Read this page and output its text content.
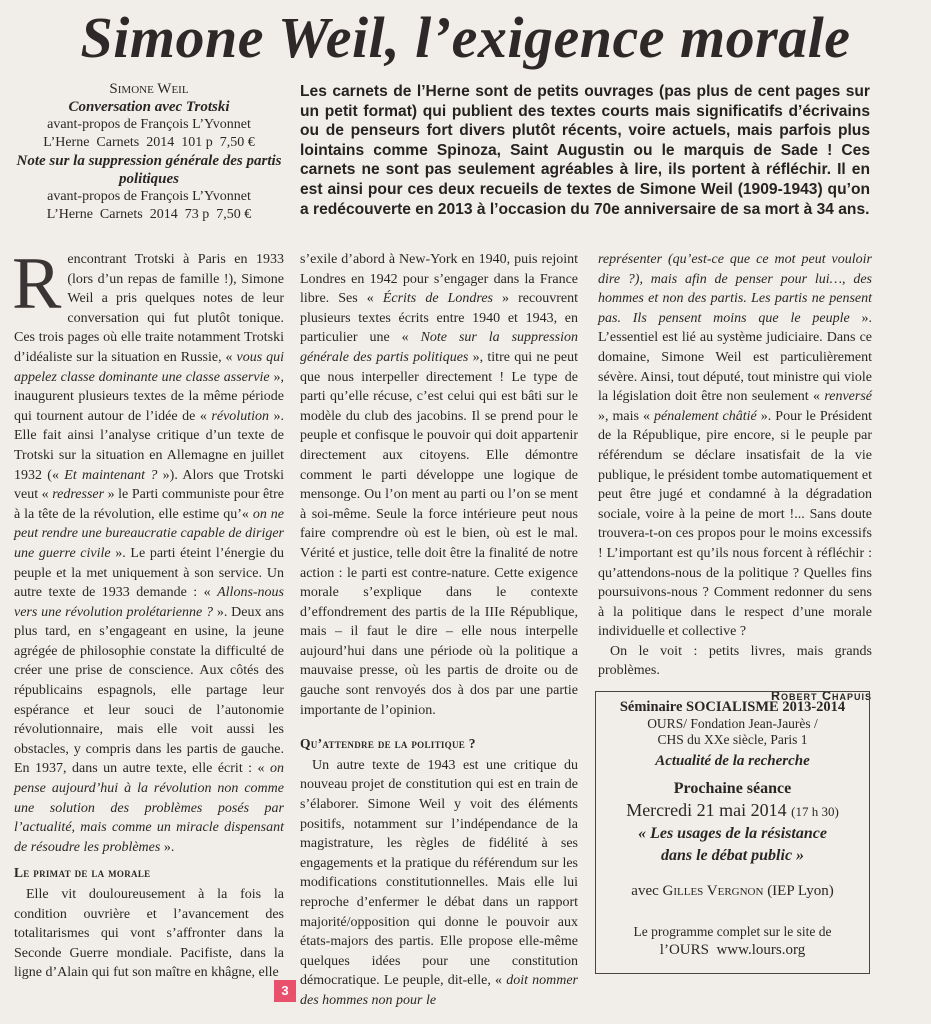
Simone Weil, l’exigence morale
Simone Weil
Conversation avec Trotski
avant-propos de François L’Yvonnet
L’Herne  Carnets  2014  101 p  7,50 €
Note sur la suppression générale des partis politiques
avant-propos de François L’Yvonnet
L’Herne  Carnets  2014  73 p  7,50 €
Les carnets de l’Herne sont de petits ouvrages (pas plus de cent pages sur un petit format) qui publient des textes courts mais significatifs d’écrivains ou de penseurs fort divers plutôt récents, voire actuels, mais parfois plus lointains comme Spinoza, Saint Augustin ou le marquis de Sade ! Ces carnets ne sont pas seulement agréables à lire, ils portent à réfléchir. Il en est ainsi pour ces deux recueils de textes de Simone Weil (1909-1943) qu’on a redécouverte en 2013 à l’occasion du 70e anniversaire de sa mort à 34 ans.

Rencontrant Trotski à Paris en 1933 (lors d’un repas de famille !), Simone Weil a pris quelques notes de leur conversation qui fut plutôt tonique. Ces trois pages où elle traite notamment Trotski d’idéaliste sur la situation en Russie, « vous qui appelez classe dominante une classe asservie », inaugurent plusieurs textes de la même période qui tournent autour de l’idée de « révolution ». Elle fait ainsi l’analyse critique d’un texte de Trotski sur la situation en Allemagne en juillet 1932 (« Et maintenant ? »). Alors que Trotski veut « redresser » le Parti communiste pour être à la tête de la révolution, elle estime qu’« on ne peut rendre une bureaucratie capable de diriger une guerre civile ». Le parti éteint l’énergie du peuple et la met uniquement à son service. Un autre texte de 1933 demande : « Allons-nous vers une révolution prolétarienne ? ». Deux ans plus tard, en s’engageant en usine, la jeune agrégée de philosophie constate la difficulté de créer une prise de conscience. Aux côtés des républicains espagnols, elle partage leur espérance et leur souci de l’autonomie révolutionnaire, mais elle voit aussi les obstacles, y compris dans les partis de gauche. En 1937, dans un autre texte, elle écrit : « on pense aujourd’hui à la révolution non comme une solution des problèmes posés par l’actualité, mais comme un miracle dispensant de résoudre les problèmes ».

Le primat de la morale

Elle vit douloureusement à la fois la condition ouvrière et l’avancement des totalitarismes qui vont s’affronter dans la Seconde Guerre mondiale. Pacifiste, dans la ligne d’Alain qui fut son maître en khâgne, elle

s’exile d’abord à New-York en 1940, puis rejoint Londres en 1942 pour s’engager dans la France libre. Ses « Écrits de Londres » recouvrent plusieurs textes écrits entre 1940 et 1943, en particulier une « Note sur la suppression générale des partis politiques », titre qui ne peut que nous interpeller directement ! Le type de parti qu’elle récuse, c’est celui qui est bâti sur le modèle du club des jacobins. Il se prend pour le peuple et confisque le pouvoir qui doit appartenir directement aux citoyens. Elle démontre comment le parti développe une logique de mensonge. Ou l’on ment au parti ou l’on se ment à soi-même. Seule la force intérieure peut nous faire comprendre où est le bien, où est le mal. Vérité et justice, telle doit être la finalité de notre action : le parti est contre-nature. Cette exigence morale s’explique dans le contexte d’effondrement des partis de la IIIe République, mais – il faut le dire – elle nous interpelle aujourd’hui dans une période où la politique a mauvaise presse, où les partis de droite ou de gauche sont renvoyés dos à dos par une partie importante de l’opinion.

Qu’attendre de la politique ?

Un autre texte de 1943 est une critique du nouveau projet de constitution qui est en train de s’élaborer. Simone Weil y voit des éléments positifs, notamment sur l’indépendance de la magistrature, les règles de fidélité à ses engagements et la pratique du référendum sur les modifications constitutionnelles. Mais elle lui reproche d’enfermer le débat dans un rapport majorité/opposition qui donne le pouvoir aux états-majors des partis. Elle propose elle-même quelques idées pour une constitution démocratique. Le peuple, dit-elle, « doit nommer des hommes non pour le

représenter (qu’est-ce que ce mot peut vouloir dire ?), mais afin de penser pour lui…, des hommes et non des partis. Les partis ne pensent pas. Ils pensent moins que le peuple ». L’essentiel est lié au système judiciaire. Dans ce domaine, Simone Weil est particulièrement sévère. Ainsi, tout député, tout ministre qui viole la législation doit être non seulement « renversé », mais « pénalement châtié ». Pour le Président de la République, pire encore, si le peuple par référendum se déclare insatisfait de la vie publique, le président tombe automatiquement et peut être jugé et condamné à la dégradation sociale, voire à la peine de mort !... Sans doute trouvera-t-on ces propos pour le moins excessifs ! L’important est qu’ils nous forcent à réfléchir : qu’attendons-nous de la politique ? Quelles fins poursuivons-nous ? Comment redonner du sens à la politique dans le respect d’une morale individuelle et collective ?

On le voit : petits livres, mais grands problèmes.

Robert Chapuis

Séminaire SOCIALISME 2013-2014
OURS/ Fondation Jean-Jaurès /
CHS du XXe siècle, Paris 1
Actualité de la recherche
Prochaine séance
Mercredi 21 mai 2014 (17 h 30)
« Les usages de la résistance
dans le débat public »
avec Gilles Vergnon (IEP Lyon)
Le programme complet sur le site de
l’OURS www.lours.org
3
